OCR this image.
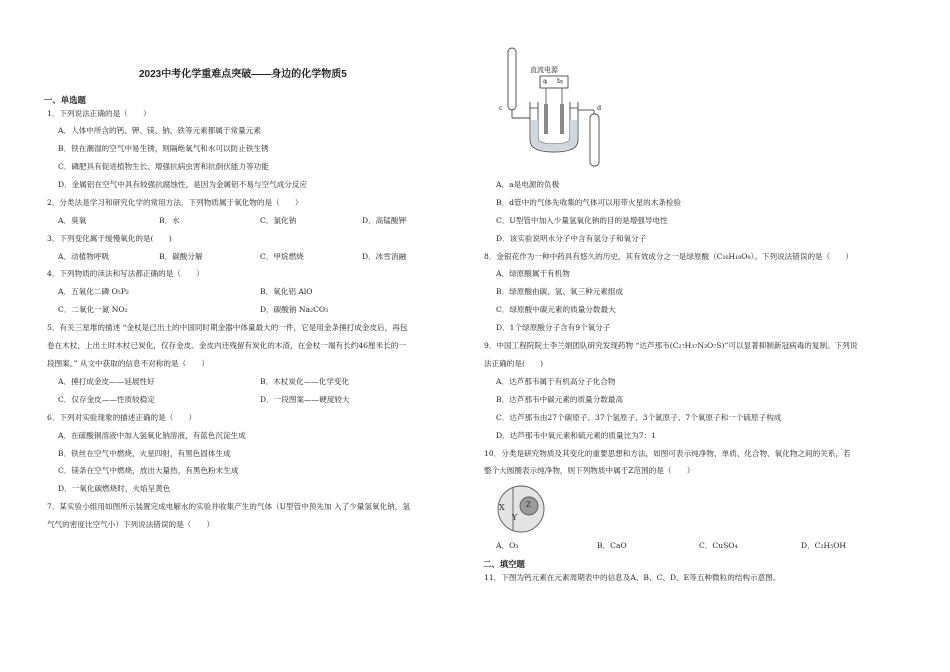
2023中考化学重难点突破——身边的化学物质5
一、单选题
1．下列说法正确的是（　　）
A．人体中所含的钙、钾、镁、钠、铁等元素都属于常量元素
B．铁在潮湿的空气中易生锈，则隔绝氧气和水可以防止铁生锈
C．磷肥具有促进植物生长、增强抗病虫害和抗倒伏能力等功能
D．金属铝在空气中具有较强抗腐蚀性，是因为金属铝不易与空气成分反应
2．分类法是学习和研究化学的常用方法．下列物质属于氧化物的是（　　）
A．臭氧	B．水	C．氯化钠	D．高锰酸钾
3．下列变化属于缓慢氧化的是(　　)
A．动植物呼吸	B．碳酸分解	C．甲烷燃烧	D．冰雪消融
4．下列物质的读法和写法都正确的是（　　）
A．五氧化二磷 O₅P₂	B．氧化铝 AlO
C．二氧化一氮 NO₂	D．碳酸钠 Na₂CO₃
5．有关三星堆的描述 “金杖是已出土的中国同时期金器中体量最大的一件，它是用金条捶打成金皮后，再包
卷在木杖，上出土时木杖已炭化，仅存金皮。金皮内还残留有炭化的木渣，在金杖一端有长约46厘米长的一
段图案。” 从文中获取的信息不对称的是（　　）
A．捶打成金皮——延展性好	B．木杖炭化——化学变化
C．仅存金皮——性质较稳定	D．一段图案——硬度较大
6．下列对实验现象的描述正确的是（　　）
A．在硫酸铜溶液中加入氢氧化钠溶液，有蓝色沉淀生成
B．铁丝在空气中燃烧，火星四射，有黑色固体生成
C．镁条在空气中燃烧，放出大量热，有黑色粉末生成
D．一氧化碳燃烧时，火焰呈黄色
7．某实验小组用如图所示装置完成电解水的实验并收集产生的气体（U型管中预先加 入了少量氢氧化钠，氢
气气的密度比空气小）下列说法错误的是（　　）
直流电源
a b
c	d
A．a是电源的负极
B．d管中的气体先收集的气体可以用带火星的木条检验
C．U型管中加入少量氢氧化钠的目的是增强导电性
D．该实验说明水分子中含有氢分子和氧分子
8．金银花作为一种中药具有悠久的历史，其有效成分之一是绿原酸（C₁₆H₁₈O₉）。下列说法错误的是（　　）
A．绿原酸属于有机物
B．绿原酸由碳、氢、氧三种元素组成
C．绿原酸中碳元素的质量分数最大
D．1个绿原酸分子含有9个氧分子
9．中国工程院院士李兰娟团队研究发现药物 “达芦那韦(C₂₇H₃₇N₃O₇S)”可以显著抑制新冠病毒的复制。下列说
法正确的是(　　)
A．达芦那韦属于有机高分子化合物
B．达芦那韦中碳元素的质量分数最高
C．达芦那韦由27个碳原子、37个氢原子、3个氮原子、7个氧原子和一个硫原子构成
D．达芦那韦中氧元素和硫元素的质量比为7：1
10．分类是研究物质及其变化的重要思想和方法，如图可表示纯净物、单质、化合物、氧化物之间的关系，若
整个大圆圈表示纯净物，则下列物质中属于Z范围的是（　　）
X
Y
Z
A．O₃	B．CaO	C．CuSO₄	D．C₂H₅OH
二、填空题
11．下图为钙元素在元素周期表中的信息及A、B、C、D、E等五种微粒的结构示意图。
